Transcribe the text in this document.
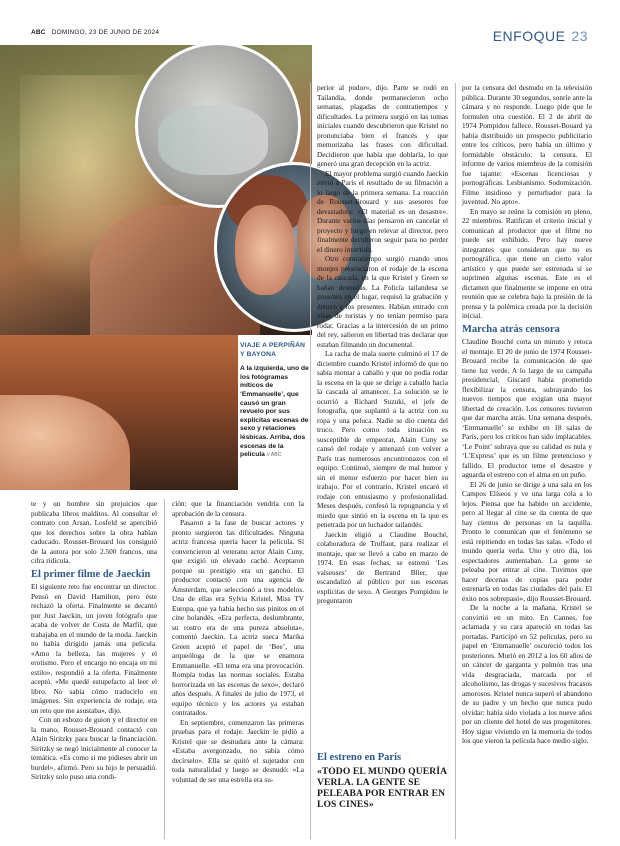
ABC DOMINGO, 23 DE JUNIO DE 2024	ENFOQUE 23
VIAJE A PERPIÑÁN Y BAYONA
A la izquierda, uno de los fotogramas míticos de ‘Emmanuelle’, que causó un gran revuelo por sus explícitas escenas de sexo y relaciones lésbicas. Arriba, dos escenas de la película // ABC

te y un hombre sin prejuicios que publicaba libros malditos. Al consultar el contrato con Arsan, Losfeld se apercibió que los derechos sobre la obra habían caducado. Rousset-Brouard los consiguió de la autora por solo 2.500 francos, una cifra ridícula.

El primer filme de Jaeckin

El siguiente reto fue encontrar un director. Pensó en David Hamilton, pero éste rechazó la oferta. Finalmente se decantó por Just Jaeckin, un joven fotógrafo que acaba de volver de Costa de Marfil, que trabajaba en el mundo de la moda. Jaeckin no había dirigido jamás una película. «Amo la belleza, las mujeres y el erotismo. Pero el encargo no encaja en mi estilo», respondió a la oferta. Finalmente aceptó. «Me quedé estupefacto al leer el libro. No sabía cómo traducirlo en imágenes. Sin experiencia de rodaje, era un reto que me asustaba», dijo.

Con un esbozo de guion y el director en la mano, Rousset-Brouard contactó con Alain Siritzky para buscar la financiación. Siritzky se negó inicialmente al conocer la temática. «Es como si me pidieses abrir un burdel», afirmó. Pero su hijo le persuadió. Siritzky solo puso una condi-

ción: que la financiación vendría con la aprobación de la censura.

Pasaron a la fase de buscar actores y pronto surgieron las dificultades. Ninguna actriz francesa quería hacer la película. Sí convencieron al veterano actor Alain Cuny, que exigió un elevado caché. Aceptaron porque su prestigio era un gancho. El productor contactó con una agencia de Ámsterdam, que seleccionó a tres modelos. Una de ellas era Sylvia Kristel, Miss TV Europa, que ya había hecho sus pinitos en el cine holandés. «Era perfecta, deslumbrante, su rostro era de una pureza absoluta», comentó Jaeckin. La actriz sueca Marika Green aceptó el papel de ‘Bee’, una arqueóloga de la que se enamora Emmanuelle. «El tema era una provocación. Rompía todas las normas sociales. Estaba horrorizada en las escenas de sexo», declaró años después. A finales de julio de 1973, el equipo técnico y los actores ya estaban contratados.

En septiembre, comenzaron las primeras pruebas para el rodaje. Jaeckin le pidió a Kristel que se desnudara ante la cámara: «Estaba avergonzado, no sabía cómo decírselo». Ella se quitó el sujetador con toda naturalidad y luego se desnudó: «La voluntad de ser una estrella era su-

perior al pudor», dijo. Parte se rodó en Tailandia, donde permanecieron ocho semanas, plagadas de contratiempos y dificultades. La primera surgió en las tomas iniciales cuando descubrieron que Kristel no pronunciaba bien el francés y que memorizaba las frases con dificultad. Decidieron que había que doblarla, lo que generó una gran decepción en la actriz.

El mayor problema surgió cuando Jaeckin envió a París el resultado de su filmación a lo largo de la primera semana. La reacción de Rousset-Brouard y sus asesores fue devastadora: «El material es un desastre». Durante varios días pensaron en cancelar el proyecto y luego en relevar al director, pero finalmente decidieron seguir para no perder el dinero invertido.

Otro contratiempo surgió cuando unos monjes presenciaron el rodaje de la escena de la cascada, en la que Kristel y Green se bañan desnudas. La Policía tailandesa se presentó en el lugar, requisó la grabación y detuvo a los presentes. Habían entrado con visas de turistas y no tenían permiso para rodar. Gracias a la intercesión de un primo del rey, salieron en libertad tras declarar que estaban filmando un documental.

La racha de mala suerte culminó el 17 de diciembre cuando Kristel informó de que no sabía montar a caballo y que no podía rodar la escena en la que se dirige a caballo hacia la cascada al amanecer. La solución se le ocurrió a Richard Suzuki, el jefe de fotografía, que suplantó a la actriz con su ropa y una peluca. Nadie se dio cuenta del truco. Pero como toda situación es susceptible de empeorar, Alain Cuny se cansó del rodaje y amenazó con volver a París tras numerosos encontronazos con el equipo. Continuó, siempre de mal humor y sin el menor esfuerzo por hacer bien su trabajo. Por el contrario, Kristel encaró el rodaje con entusiasmo y profesionalidad. Meses después, confesó la repugnancia y el miedo que sintió en la escena en la que es penetrada por un luchador tailandés.

Jaeckin eligió a Claudine Bouché, colaboradora de Truffaut, para realizar el montaje, que se llevó a cabo en marzo de 1974. En esas fechas, se estrenó ‘Les valseuses’ de Bertrand Blier, que escandalizó al público por sus escenas explícitas de sexo. A Georges Pompidou le preguntaron

El estreno en París
«TODO EL MUNDO QUERÍA VERLA. LA GENTE SE PELEABA POR ENTRAR EN LOS CINES»

por la censura del desnudo en la televisión pública. Durante 30 segundos, sonríe ante la cámara y no responde. Luego pide que le formulen otra cuestión. El 2 de abril de 1974 Pompidou fallece. Rousset-Bouard ya había distribuido un prospecto publicitario entre los críticos, pero había un último y formidable obstáculo: la censura. El informe de varios miembros de la comisión fue tajante: «Escenas licenciosas y pornográficas. Lesbianismo. Sodomización. Filme insidioso y perturbador para la juventud. No apto».

En mayo se reúne la comisión en pleno, 22 miembros. Ratifican el criterio inicial y comunican al productor que el filme no puede ser exhibido. Pero hay nueve integrantes que consideran que no es pornográfica, que tiene un cierto valor artístico y que puede ser estrenada si se suprimen algunas escenas. Este es el dictamen que finalmente se impone en otra reunión que se celebra bajo la presión de la prensa y la polémica creada por la decisión inicial.

Marcha atrás censora

Claudine Bouché corta un minuto y retoca el montaje. El 20 de junio de 1974 Rousset-Brouard recibe la comunicación de que tiene luz verde. A lo largo de su campaña presidencial, Giscard había prometido flexibilizar la censura, subrayando los nuevos tiempos que exigían una mayor libertad de creación. Los censores tuvieron que dar marcha atrás. Una semana después, ‘Emmanuelle’ se exhibe en 18 salas de París, pero los críticos han sido implacables. ‘Le Point’ subraya que su calidad es nula y ‘L’Express’ que es un filme pretencioso y fallido. El productor teme el desastre y aguarda el estreno con el alma en un puño.

El 26 de junio se dirige a una sala en los Campos Elíseos y ve una larga cola a lo lejos. Piensa que ha habido un accidente, pero al llegar al cine se da cuenta de que hay cientos de personas en la taquilla. Pronto le comunican que el fenómeno se está repitiendo en todas las salas. «Todo el mundo quería verla. Uno y otro día, los espectadores aumentaban. La gente se peleaba por entrar al cine. Tuvimos que hacer decenas de copias para poder estrenarla en todas las ciudades del país. El éxito nos sobrepasó», dijo Rousset-Brouard.

De la noche a la mañana, Kristel se convirtió en un mito. En Cannes, fue aclamada y su cara apareció en todas las portadas. Participó en 52 películas, pero su papel en ‘Emmanuelle’ oscureció todos los posteriores. Murió en 2012 a los 60 años de un cáncer de garganta y pulmón tras una vida desgraciada, marcada por el alcoholismo, las drogas y sucesivos fracasos amorosos. Kristel nunca superó el abandono de su padre y un hecho que nunca pudo olvidar: había sido violada a los nueve años por un cliente del hotel de sus progenitores. Hoy sigue viviendo en la memoria de todos los que vieron la película hace medio siglo.
